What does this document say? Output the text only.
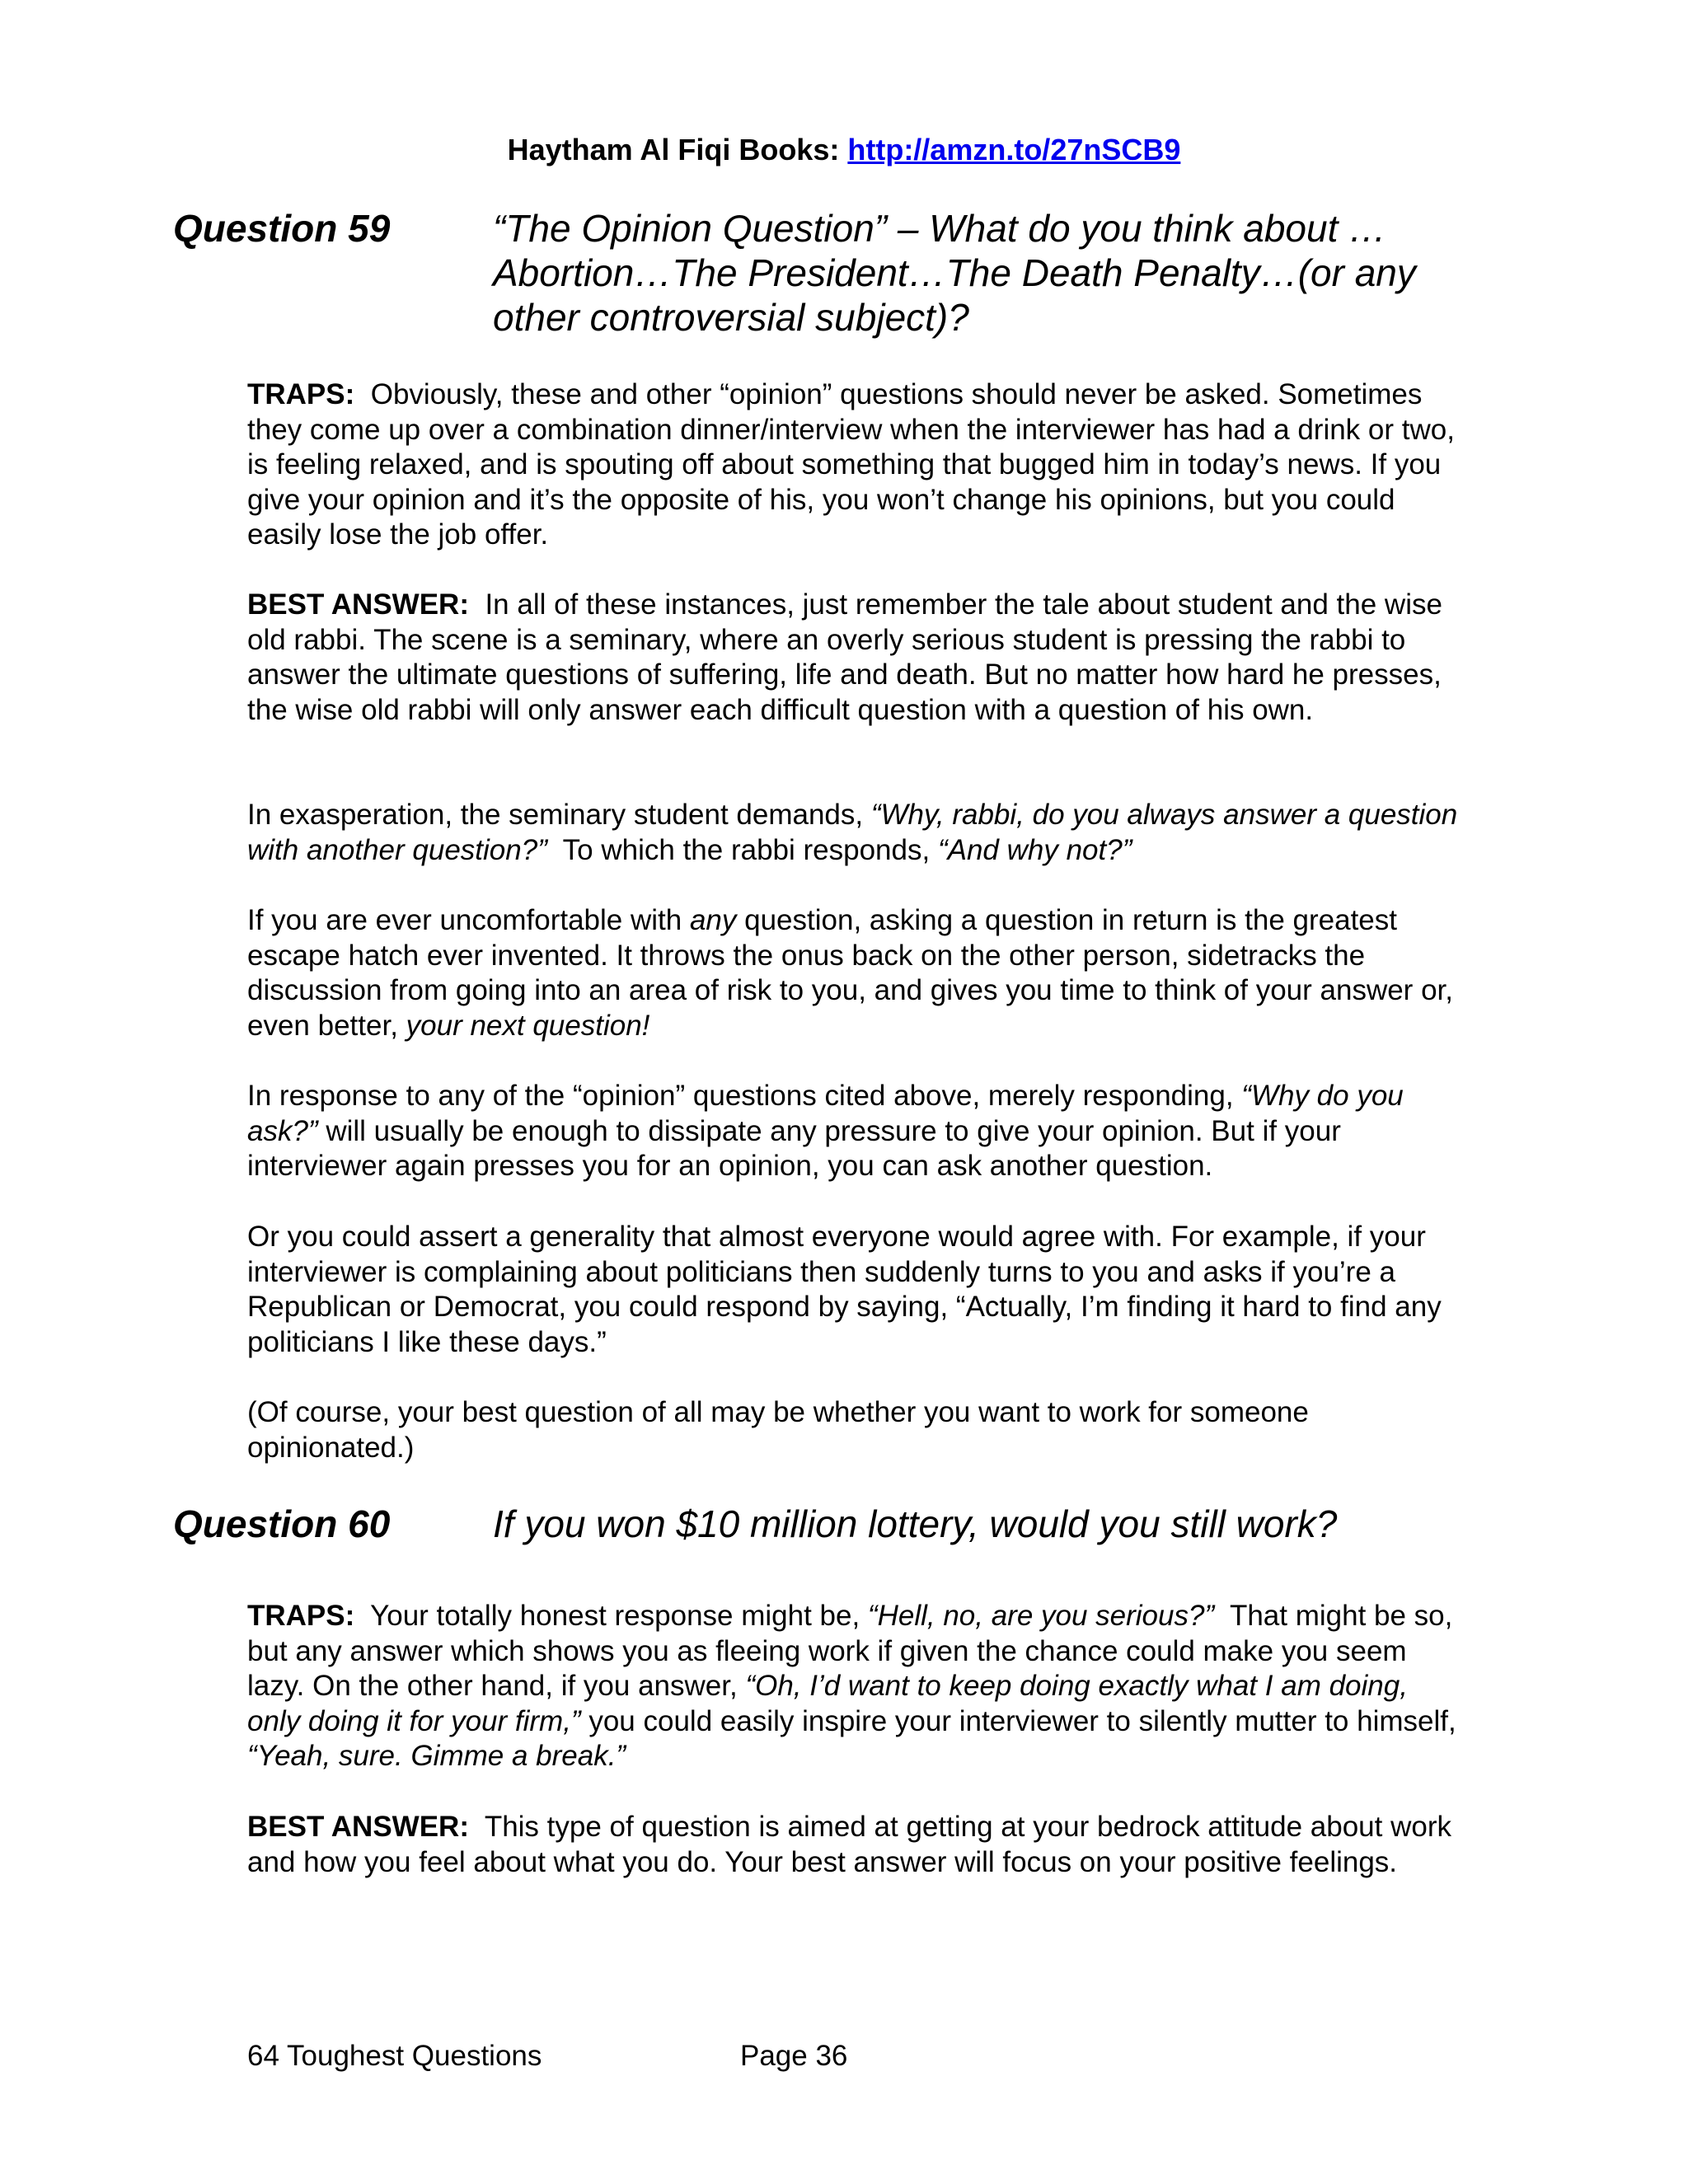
Haytham Al Fiqi Books: http://amzn.to/27nSCB9
Question 59	“The Opinion Question” – What do you think about …Abortion…The President…The Death Penalty…(or any other controversial subject)?

TRAPS: Obviously, these and other “opinion” questions should never be asked. Sometimes they come up over a combination dinner/interview when the interviewer has had a drink or two, is feeling relaxed, and is spouting off about something that bugged him in today’s news. If you give your opinion and it’s the opposite of his, you won’t change his opinions, but you could easily lose the job offer.

BEST ANSWER: In all of these instances, just remember the tale about student and the wise old rabbi. The scene is a seminary, where an overly serious student is pressing the rabbi to answer the ultimate questions of suffering, life and death. But no matter how hard he presses, the wise old rabbi will only answer each difficult question with a question of his own.

In exasperation, the seminary student demands, “Why, rabbi, do you always answer a question with another question?” To which the rabbi responds, “And why not?”

If you are ever uncomfortable with any question, asking a question in return is the greatest escape hatch ever invented. It throws the onus back on the other person, sidetracks the discussion from going into an area of risk to you, and gives you time to think of your answer or, even better, your next question!

In response to any of the “opinion” questions cited above, merely responding, “Why do you ask?” will usually be enough to dissipate any pressure to give your opinion. But if your interviewer again presses you for an opinion, you can ask another question.

Or you could assert a generality that almost everyone would agree with. For example, if your interviewer is complaining about politicians then suddenly turns to you and asks if you’re a Republican or Democrat, you could respond by saying, “Actually, I’m finding it hard to find any politicians I like these days.”

(Of course, your best question of all may be whether you want to work for someone opinionated.)

Question 60	If you won $10 million lottery, would you still work?

TRAPS: Your totally honest response might be, “Hell, no, are you serious?” That might be so, but any answer which shows you as fleeing work if given the chance could make you seem lazy. On the other hand, if you answer, “Oh, I’d want to keep doing exactly what I am doing, only doing it for your firm,” you could easily inspire your interviewer to silently mutter to himself, “Yeah, sure. Gimme a break.”

BEST ANSWER: This type of question is aimed at getting at your bedrock attitude about work and how you feel about what you do. Your best answer will focus on your positive feelings.

64 Toughest Questions	Page 36
